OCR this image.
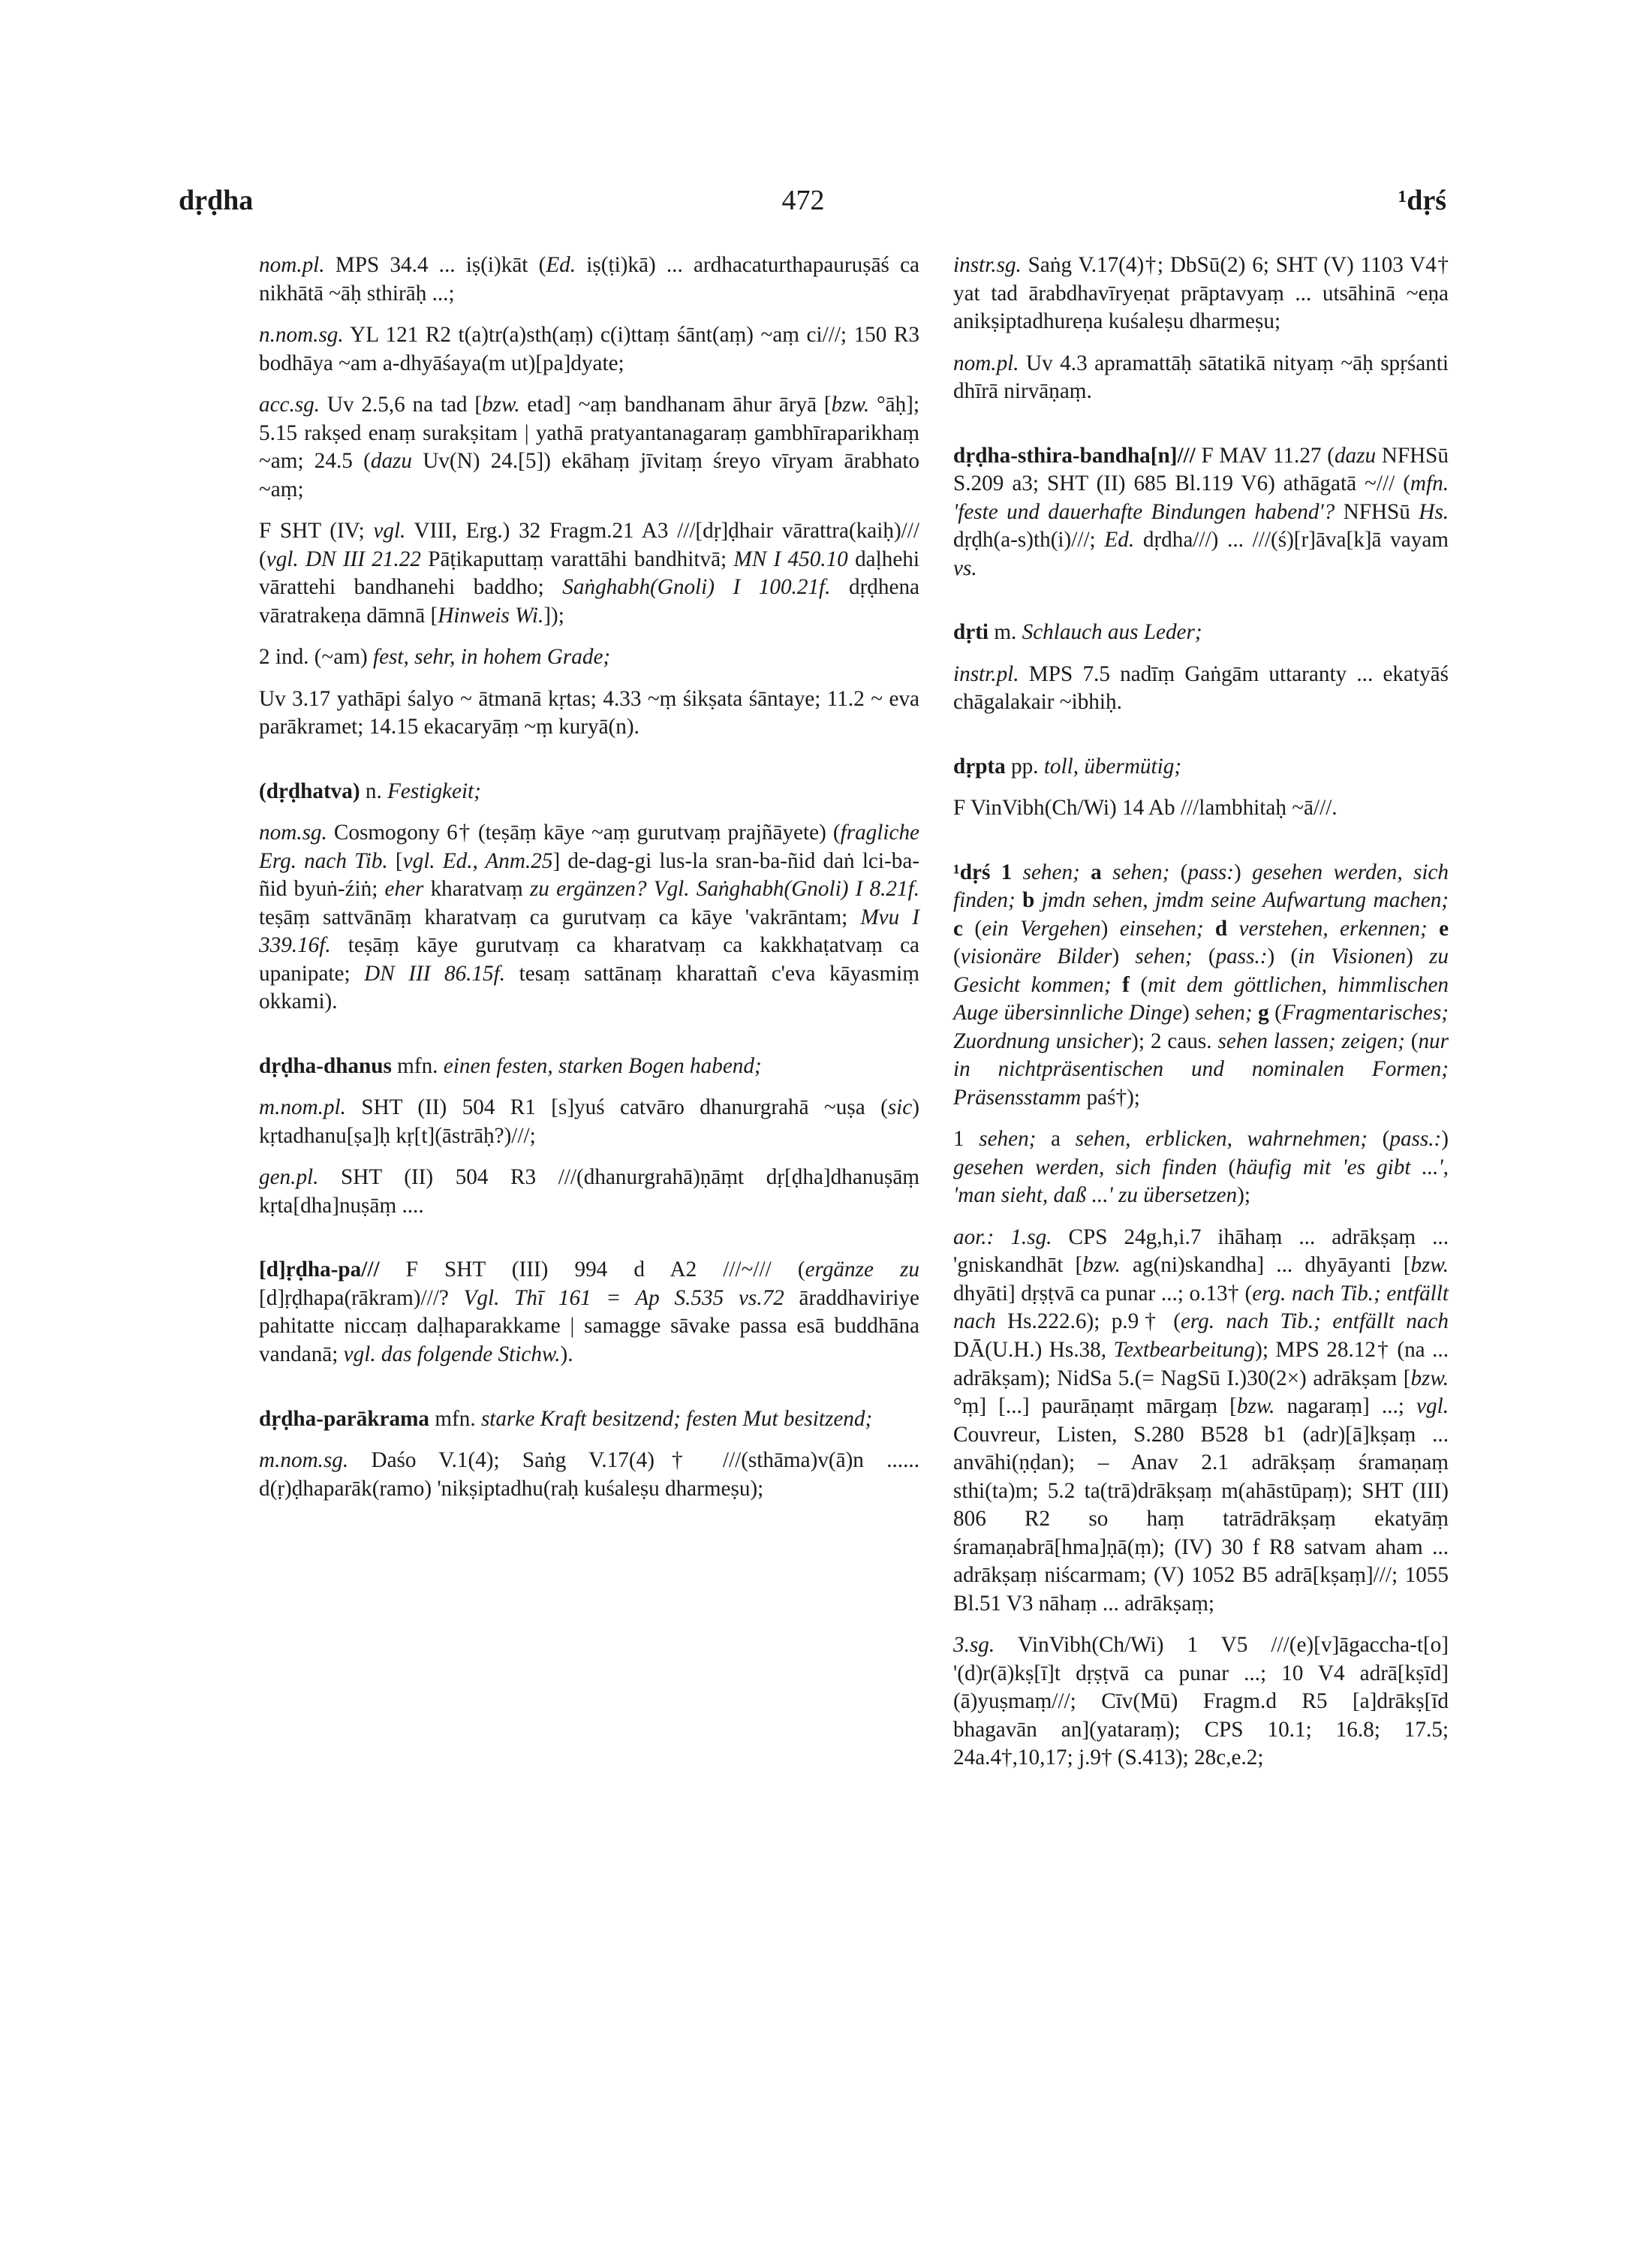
dṛḍha	472	¹dṛś

nom.pl. MPS 34.4 ... iṣ(i)kāt (Ed. iṣ(ṭi)kā) ... ardhacaturthapauruṣāś ca nikhātā ~āḥ sthirāḥ ...;

n.nom.sg. YL 121 R2 t(a)tr(a)sth(aṃ) c(i)ttaṃ śānt(aṃ) ~aṃ ci///; 150 R3 bodhāya ~am a-dhyāśaya(m ut)[pa]dyate;

acc.sg. Uv 2.5,6 na tad [bzw. etad] ~aṃ bandhanam āhur āryā [bzw. °āḥ]; 5.15 rakṣed enaṃ surakṣitam | yathā pratyantanagaraṃ gambhīraparikhaṃ ~am; 24.5 (dazu Uv(N) 24.[5]) ekāhaṃ jīvitaṃ śreyo vīryam ārabhato ~aṃ;

F SHT (IV; vgl. VIII, Erg.) 32 Fragm.21 A3 ///[dṛ]ḍhair vārattra(kaiḥ)/// (vgl. DN III 21.22 Pāṭikaputtaṃ varattāhi bandhitvā; MN I 450.10 daḷhehi vārattehi bandhanehi baddho; Saṅghabh(Gnoli) I 100.21f. dṛḍhena vāratrakeṇa dāmnā [Hinweis Wi.]);

2 ind. (~am) fest, sehr, in hohem Grade;

Uv 3.17 yathāpi śalyo ~ ātmanā kṛtas; 4.33 ~ṃ śikṣata śāntaye; 11.2 ~ eva parākramet; 14.15 ekacaryāṃ ~ṃ kuryā(n).

(dṛḍhatva) n. Festigkeit;

nom.sg. Cosmogony 6† (teṣāṃ kāye ~aṃ gurutvaṃ prajñāyete) (fragliche Erg. nach Tib. [vgl. Ed., Anm.25] de-dag-gi lus-la sran-ba-ñid daṅ lci-ba-ñid byuṅ-źiṅ; eher kharatvaṃ zu ergänzen? Vgl. Saṅghabh(Gnoli) I 8.21f. teṣāṃ sattvānāṃ kharatvaṃ ca gurutvaṃ ca kāye 'vakrāntam; Mvu I 339.16f. teṣāṃ kāye gurutvaṃ ca kharatvaṃ ca kakkhaṭatvaṃ ca upanipate; DN III 86.15f. tesaṃ sattānaṃ kharattañ c'eva kāyasmiṃ okkami).

dṛḍha-dhanus mfn. einen festen, starken Bogen habend;

m.nom.pl. SHT (II) 504 R1 [s]yuś catvāro dhanurgrahā ~uṣa (sic) kṛtadhanu[ṣa]ḥ kṛ[t](āstrāḥ?)///;

gen.pl. SHT (II) 504 R3 ///(dhanurgrahā)ṇāṃt dṛ[ḍha]dhanuṣāṃ kṛta[dha]nuṣāṃ ....

[d]ṛḍha-pa/// F SHT (III) 994 d A2 ///~/// (ergänze zu [d]ṛḍhapa(rākram)///? Vgl. Thī 161 = Ap S.535 vs.72 āraddhaviriye pahitatte niccaṃ daḷhaparakkame | samagge sāvake passa esā buddhāna vandanā; vgl. das folgende Stichw.).

dṛḍha-parākrama mfn. starke Kraft besitzend; festen Mut besitzend;

m.nom.sg. Daśo V.1(4); Saṅg V.17(4)† ///(sthāma)v(ā)n ...... d(ṛ)ḍhaparāk(ramo) 'nikṣiptadhu(raḥ kuśaleṣu dharmeṣu);

instr.sg. Saṅg V.17(4)†; DbSū(2) 6; SHT (V) 1103 V4† yat tad ārabdhavīryeṇat prāptavyaṃ ... utsāhinā ~eṇa anikṣiptadhureṇa kuśaleṣu dharmeṣu;

nom.pl. Uv 4.3 apramattāḥ sātatikā nityaṃ ~āḥ spṛśanti dhīrā nirvāṇaṃ.

dṛḍha-sthira-bandha[n]/// F MAV 11.27 (dazu NFHSū S.209 a3; SHT (II) 685 Bl.119 V6) athāgatā ~/// (mfn. 'feste und dauerhafte Bindungen habend'? NFHSū Hs. dṛḍh(a-s)th(i)///; Ed. dṛdha///) ... ///(ś)[r]āva[k]ā vayam vs.

dṛti m. Schlauch aus Leder;

instr.pl. MPS 7.5 nadīṃ Gaṅgām uttaranty ... ekatyāś chāgalakair ~ibhiḥ.

dṛpta pp. toll, übermütig;

F VinVibh(Ch/Wi) 14 Ab ///lambhitaḥ ~ā///.

¹dṛś 1 sehen; a sehen; (pass:) gesehen werden, sich finden; b jmdn sehen, jmdm seine Aufwartung machen; c (ein Vergehen) einsehen; d verstehen, erkennen; e (visionäre Bilder) sehen; (pass.:) (in Visionen) zu Gesicht kommen; f (mit dem göttlichen, himmlischen Auge übersinnliche Dinge) sehen; g (Fragmentarisches; Zuordnung unsicher); 2 caus. sehen lassen; zeigen; (nur in nichtpräsentischen und nominalen Formen; Präsensstamm paś†);

1 sehen; a sehen, erblicken, wahrnehmen; (pass.:) gesehen werden, sich finden (häufig mit 'es gibt ...', 'man sieht, daß ...' zu übersetzen);

aor.: 1.sg. CPS 24g,h,i.7 ihāhaṃ ... adrākṣaṃ ... 'gniskandhāt [bzw. ag(ni)skandha] ... dhyāyanti [bzw. dhyāti] dṛṣṭvā ca punar ...; o.13† (erg. nach Tib.; entfällt nach Hs.222.6); p.9† (erg. nach Tib.; entfällt nach DĀ(U.H.) Hs.38, Textbearbeitung); MPS 28.12† (na ... adrākṣam); NidSa 5.(= NagSū I.)30(2×) adrākṣam [bzw. °ṃ] [...] paurāṇaṃt mārgaṃ [bzw. nagaraṃ] ...; vgl. Couvreur, Listen, S.280 B528 b1 (adr)[ā]kṣaṃ ... anvāhi(ṇḍan); – Anav 2.1 adrākṣaṃ śramaṇaṃ sthi(ta)m; 5.2 ta(trā)drākṣaṃ m(ahāstūpaṃ); SHT (III) 806 R2 so haṃ tatrādrākṣaṃ ekatyāṃ śramaṇabrā[hma]ṇā(ṃ); (IV) 30 f R8 satvam aham ... adrākṣaṃ niścarmam; (V) 1052 B5 adrā[kṣaṃ]///; 1055 Bl.51 V3 nāhaṃ ... adrākṣaṃ;

3.sg. VinVibh(Ch/Wi) 1 V5 ///(e)[v]āgaccha-t[o] '(d)r(ā)kṣ[ī]t dṛṣṭvā ca punar ...; 10 V4 adrā[kṣīd] (ā)yuṣmaṃ///; Cīv(Mū) Fragm.d R5 [a]drākṣ[īd bhagavān an](yataraṃ); CPS 10.1; 16.8; 17.5; 24a.4†,10,17; j.9† (S.413); 28c,e.2;
